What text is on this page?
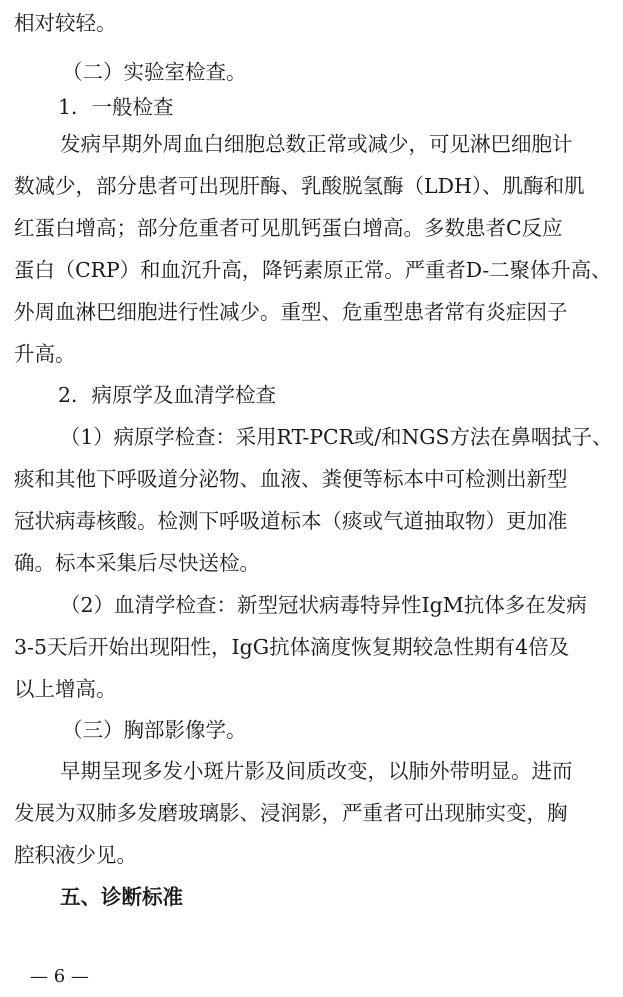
相对较轻。
（二）实验室检查。
1．一般检查
发病早期外周血白细胞总数正常或减少，可见淋巴细胞计
数减少，部分患者可出现肝酶、乳酸脱氢酶（LDH）、肌酶和肌
红蛋白增高；部分危重者可见肌钙蛋白增高。多数患者C反应
蛋白（CRP）和血沉升高，降钙素原正常。严重者D-二聚体升高、
外周血淋巴细胞进行性减少。重型、危重型患者常有炎症因子
升高。
2．病原学及血清学检查
（1）病原学检查：采用RT-PCR或/和NGS方法在鼻咽拭子、
痰和其他下呼吸道分泌物、血液、粪便等标本中可检测出新型
冠状病毒核酸。检测下呼吸道标本（痰或气道抽取物）更加准
确。标本采集后尽快送检。
（2）血清学检查：新型冠状病毒特异性IgM抗体多在发病
3-5天后开始出现阳性，IgG抗体滴度恢复期较急性期有4倍及
以上增高。
（三）胸部影像学。
早期呈现多发小斑片影及间质改变，以肺外带明显。进而
发展为双肺多发磨玻璃影、浸润影，严重者可出现肺实变，胸
腔积液少见。
五、诊断标准
— 6 —
